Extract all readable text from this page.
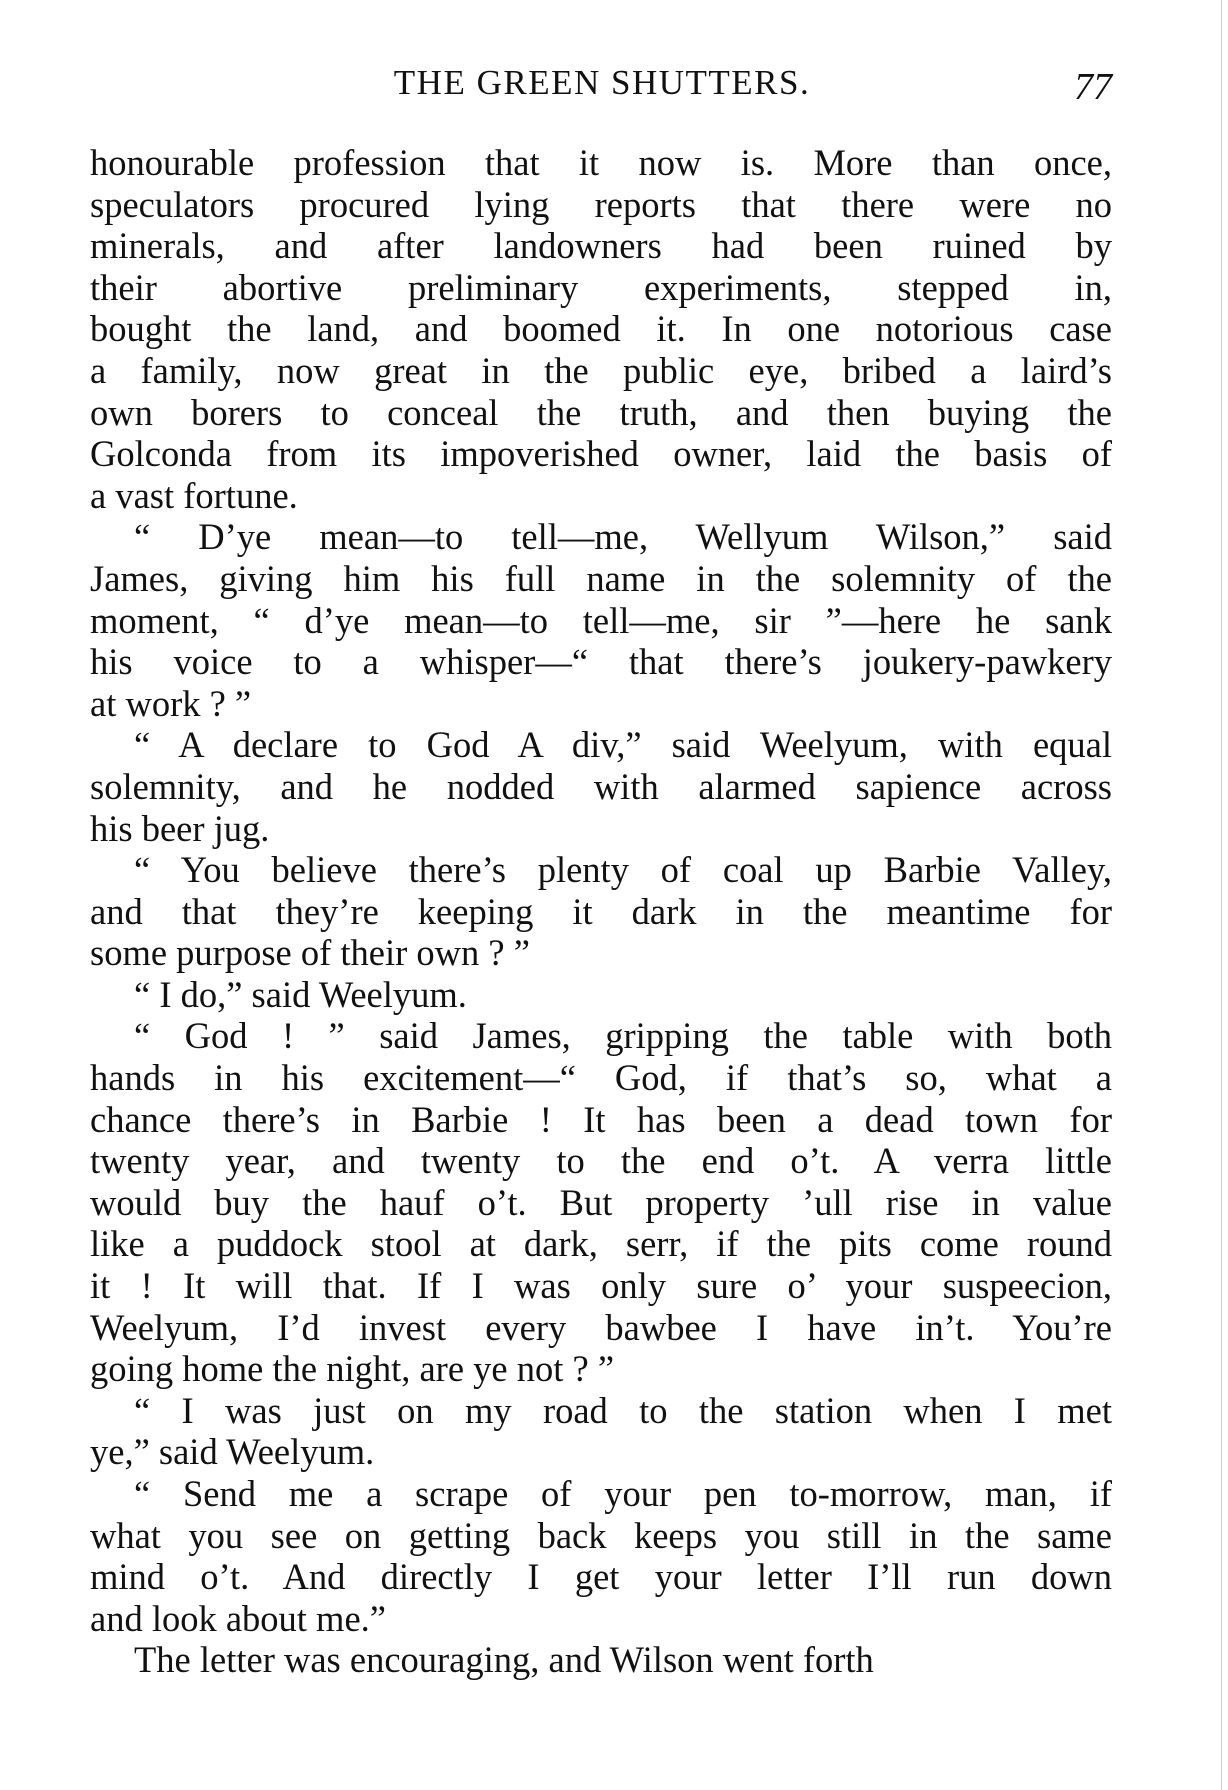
THE GREEN SHUTTERS.	77
honourable profession that it now is. More than once,
speculators procured lying reports that there were no
minerals, and after landowners had been ruined by
their abortive preliminary experiments, stepped in,
bought the land, and boomed it. In one notorious case
a family, now great in the public eye, bribed a laird’s
own borers to conceal the truth, and then buying the
Golconda from its impoverished owner, laid the basis of
a vast fortune.
“ D’ye mean—to tell—me, Wellyum Wilson,” said
James, giving him his full name in the solemnity of the
moment, “ d’ye mean—to tell—me, sir ”—here he sank
his voice to a whisper—“ that there’s joukery-pawkery
at work ? ”
“ A declare to God A div,” said Weelyum, with equal
solemnity, and he nodded with alarmed sapience across
his beer jug.
“ You believe there’s plenty of coal up Barbie Valley,
and that they’re keeping it dark in the meantime for
some purpose of their own ? ”
“ I do,” said Weelyum.
“ God ! ” said James, gripping the table with both
hands in his excitement—“ God, if that’s so, what a
chance there’s in Barbie ! It has been a dead town for
twenty year, and twenty to the end o’t. A verra little
would buy the hauf o’t. But property ’ull rise in value
like a puddock stool at dark, serr, if the pits come round
it ! It will that. If I was only sure o’ your suspeecion,
Weelyum, I’d invest every bawbee I have in’t. You’re
going home the night, are ye not ? ”
“ I was just on my road to the station when I met
ye,” said Weelyum.
“ Send me a scrape of your pen to-morrow, man, if
what you see on getting back keeps you still in the same
mind o’t. And directly I get your letter I’ll run down
and look about me.”
The letter was encouraging, and Wilson went forth
